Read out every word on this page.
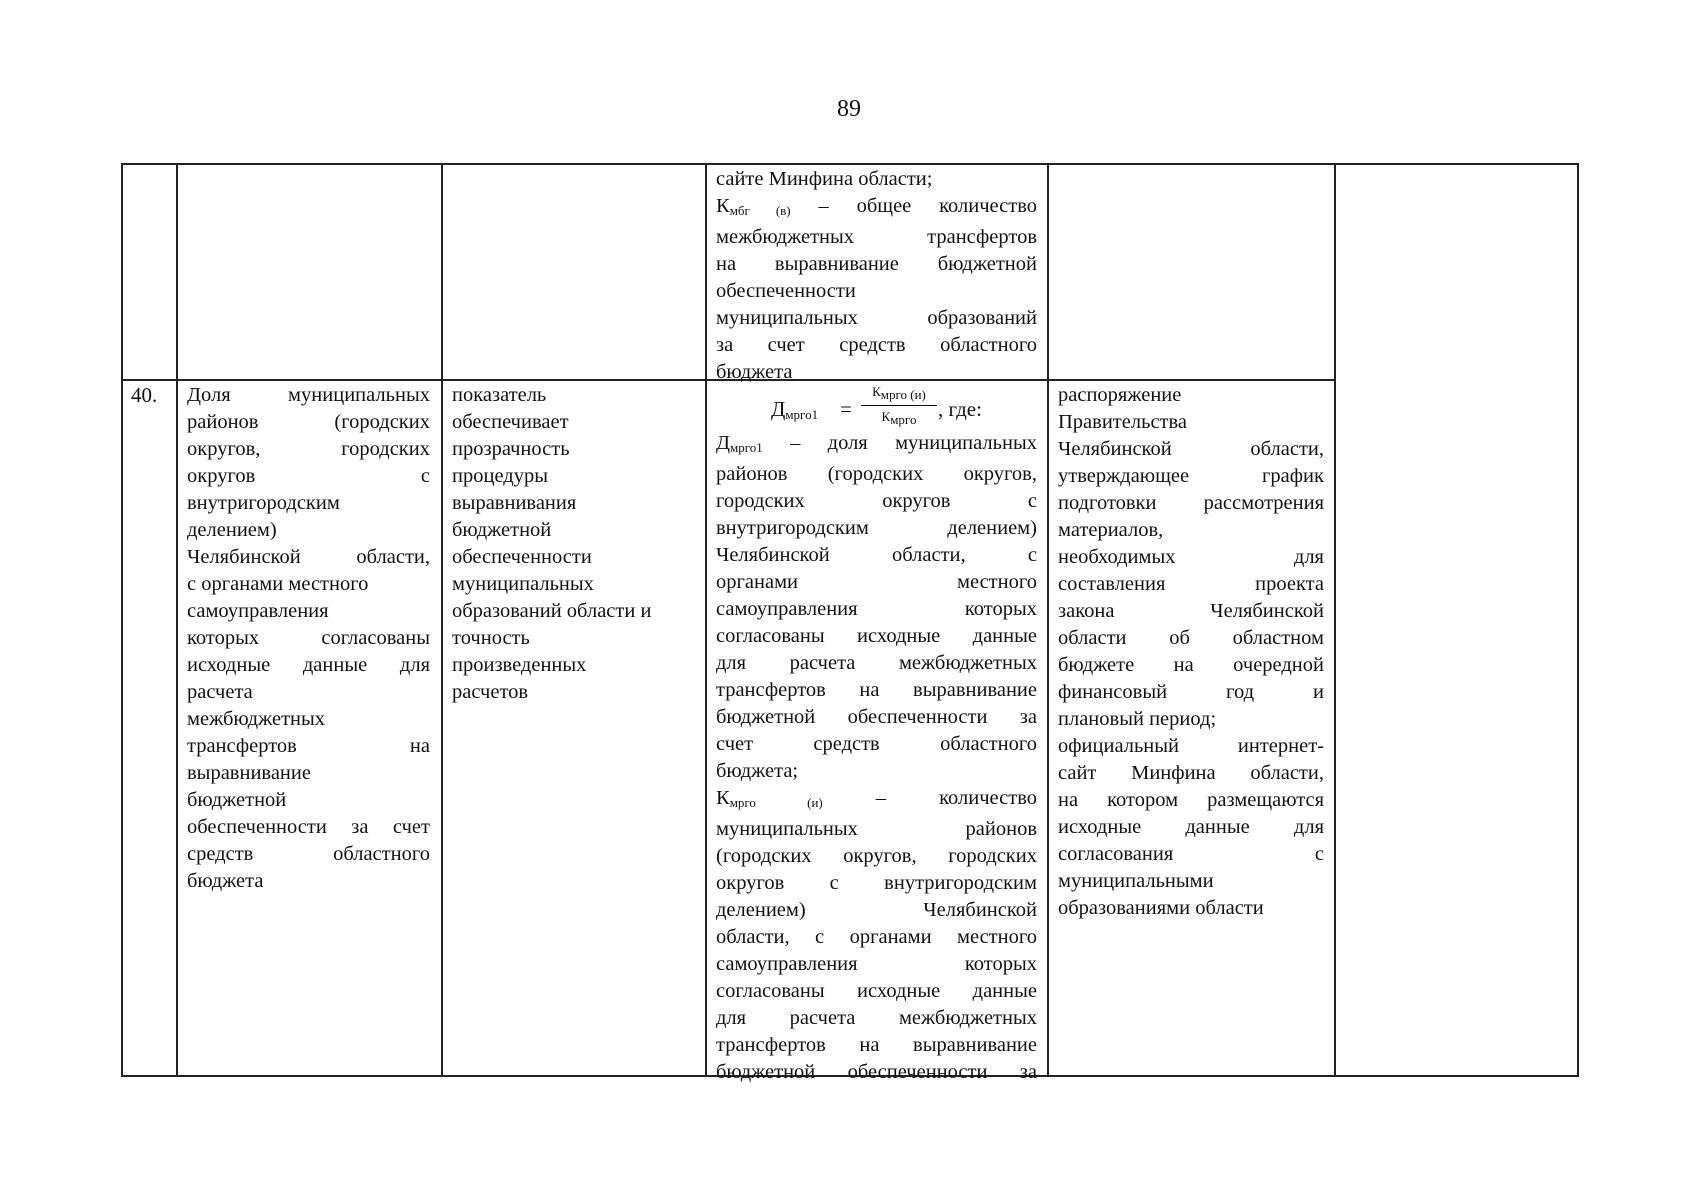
89

сайте Минфина области;

$К_{мбг (в)}$ – общее количество

межбюджетных трансфертов

на выравнивание бюджетной

обеспеченности

муниципальных образований

за счет средств областного

бюджета

40. Доля муниципальных

районов (городских

округов, городских

округов с

внутригородским

делением)

Челябинской области,

с органами местного

самоуправления

которых согласованы

исходные данные для

расчета

межбюджетных

трансфертов на

выравнивание

бюджетной

обеспеченности за счет

средств областного

бюджета

показатель

обеспечивает

прозрачность

процедуры

выравнивания

бюджетной

обеспеченности

муниципальных

образований области и

точность

произведенных

расчетов

$Д_{мрго1}$ =
$К_{мрго (и)}$
$К_{мрго}$	, где:

$Д_{мрго1}$ – доля муниципальных

районов (городских округов,

городских округов с

внутригородским делением)

Челябинской области, с

органами местного

самоуправления которых

согласованы исходные данные

для расчета межбюджетных

трансфертов на выравнивание

бюджетной обеспеченности за

счет средств областного

бюджета;

$К_{мрго (и)}$ – количество

муниципальных районов

(городских округов, городских

округов с внутригородским

делением) Челябинской

области, с органами местного

самоуправления которых

согласованы исходные данные

для расчета межбюджетных

трансфертов на выравнивание

бюджетной обеспеченности за

распоряжение

Правительства

Челябинской области,

утверждающее график

подготовки рассмотрения

материалов,

необходимых для

составления проекта

закона Челябинской

области об областном

бюджете на очередной

финансовый год и

плановый период;

официальный интернет-

сайт Минфина области,

на котором размещаются

исходные данные для

согласования с

муниципальными

образованиями области
